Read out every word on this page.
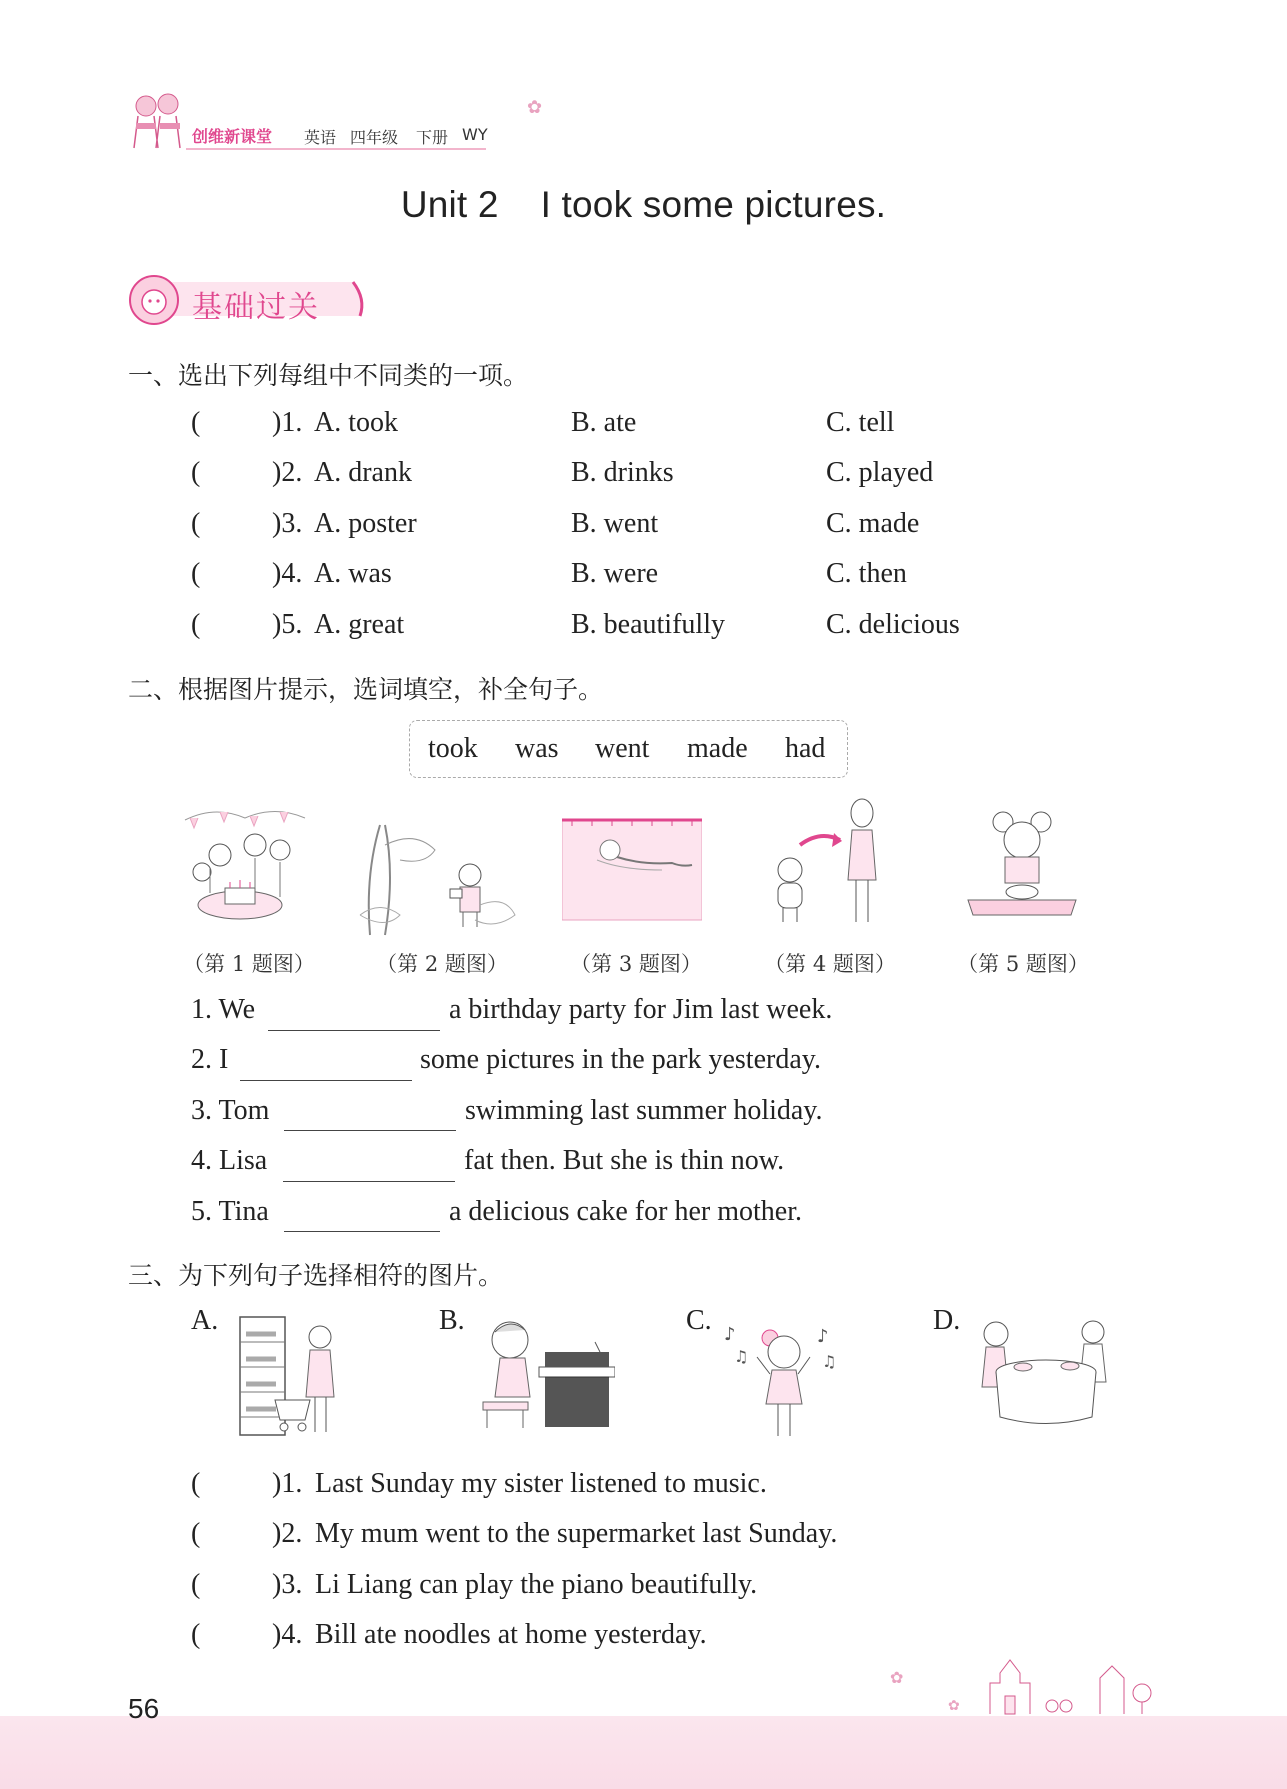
创维新课堂 英语 四年级 下册 WY
✿
Unit 2 I took some pictures.
基础过关
一、选出下列每组中不同类的一项。
(	)1. A. took	B. ate	C. tell
(	)2. A. drank	B. drinks	C. played
(	)3. A. poster	B. went	C. made
(	)4. A. was	B. were	C. then
(	)5. A. great	B. beautifully	C. delicious
二、根据图片提示，选词填空，补全句子。
took was went made had
（第 1 题图）	（第 2 题图）	（第 3 题图）	（第 4 题图）	（第 5 题图）
1. We	a birthday party for Jim last week.
2. I	some pictures in the park yesterday.
3. Tom	swimming last summer holiday.
4. Lisa	fat then. But she is thin now.
5. Tina	a delicious cake for her mother.
三、为下列句子选择相符的图片。
A.	B.	C.	D.
♪
♫
♪
♫
(	)1. Last Sunday my sister listened to music.
(	)2. My mum went to the supermarket last Sunday.
(	)3. Li Liang can play the piano beautifully.
(	)4. Bill ate noodles at home yesterday.
56
✿
✿
